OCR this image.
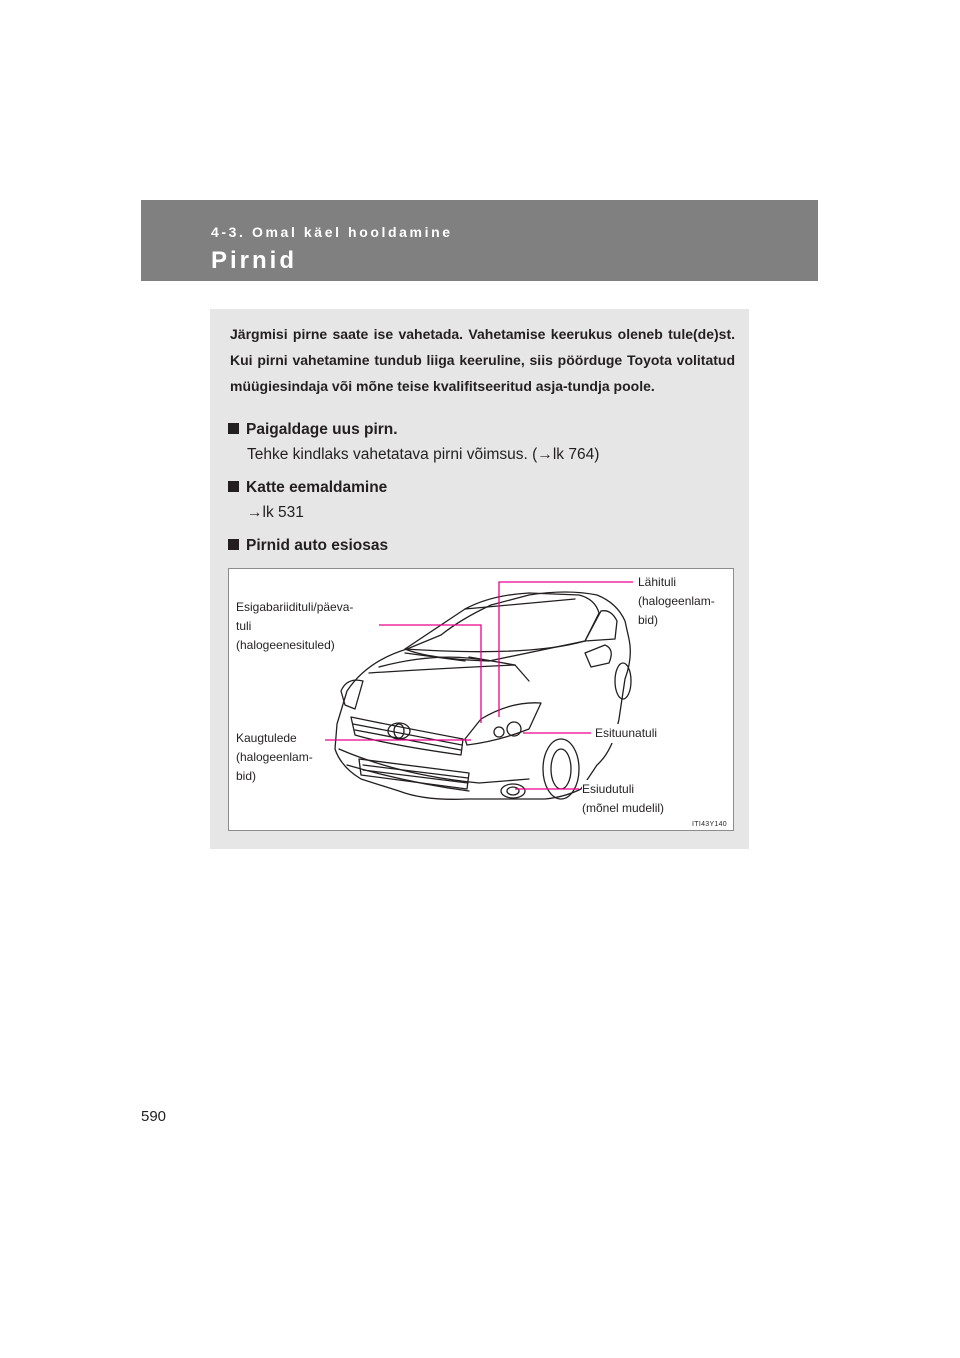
4-3. Omal käel hooldamine
Pirnid
Järgmisi pirne saate ise vahetada. Vahetamise keerukus oleneb tule(de)st. Kui pirni vahetamine tundub liiga keeruline, siis pöörduge Toyota volitatud müügiesindaja või mõne teise kvalifitseeritud asja-tundja poole.
Paigaldage uus pirn.
Tehke kindlaks vahetatava pirni võimsus. (→lk 764)
Katte eemaldamine
→lk 531
Pirnid auto esiosas
Lähituli
(halogeenlam-
bid)
Esigabariidituli/päeva-
tuli
(halogeenesituled)
Kaugtulede
(halogeenlam-
bid)
Esituunatuli
Esiudutuli
(mõnel mudelil)
ITI43Y140
590
